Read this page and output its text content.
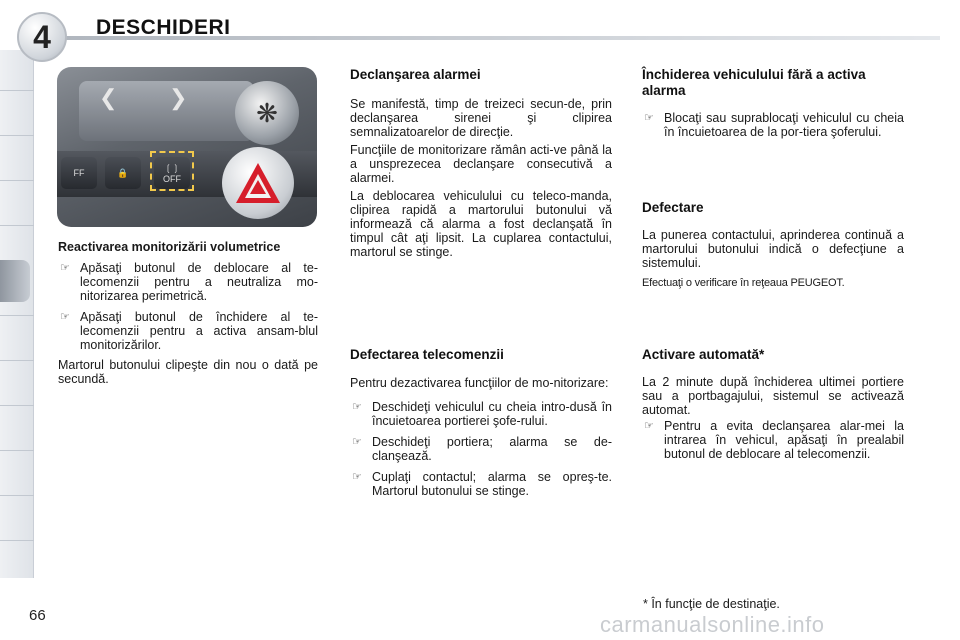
4	DESCHIDERI
❮ ❯	❋
FF	🔒	❲❳
OFF
Reactivarea monitorizării volumetrice
☞ Apăsaţi butonul de deblocare al te-lecomenzii pentru a neutraliza mo-nitorizarea perimetrică.
☞ Apăsaţi butonul de închidere al te-lecomenzii pentru a activa ansam-blul monitorizărilor.

Martorul butonului clipeşte din nou o dată pe secundă.

Declanşarea alarmei

Se manifestă, timp de treizeci secun-de, prin declanşarea sirenei şi clipirea semnalizatoarelor de direcţie.

Funcţiile de monitorizare rămân acti-ve până la a unsprezecea declanşare consecutivă a alarmei.

La deblocarea vehiculului cu teleco-manda, clipirea rapidă a martorului butonului vă informează că alarma a fost declanşată în timpul cât aţi lipsit. La cuplarea contactului, martorul se stinge.

Defectarea telecomenzii

Pentru dezactivarea funcţiilor de mo-nitorizare:

☞ Deschideţi vehiculul cu cheia intro-dusă în încuietoarea portierei şofe-rului.
☞ Deschideţi portiera; alarma se de-clanşează.
☞ Cuplaţi contactul; alarma se opreş-te. Martorul butonului se stinge.
Închiderea vehiculului fără a activa alarma
☞ Blocaţi sau suprablocaţi vehiculul cu cheia în încuietoarea de la por-tiera şoferului.
Defectare

La punerea contactului, aprinderea continuă a martorului butonului indică o defecţiune a sistemului.

Efectuaţi o verificare în reţeaua PEUGEOT.

Activare automată*

La 2 minute după închiderea ultimei portiere sau a portbagajului, sistemul se activează automat.

☞ Pentru a evita declanşarea alar-mei la intrarea în vehicul, apăsaţi în prealabil butonul de deblocare al telecomenzii.
* În funcţie de destinaţie.
66	carmanualsonline.info
